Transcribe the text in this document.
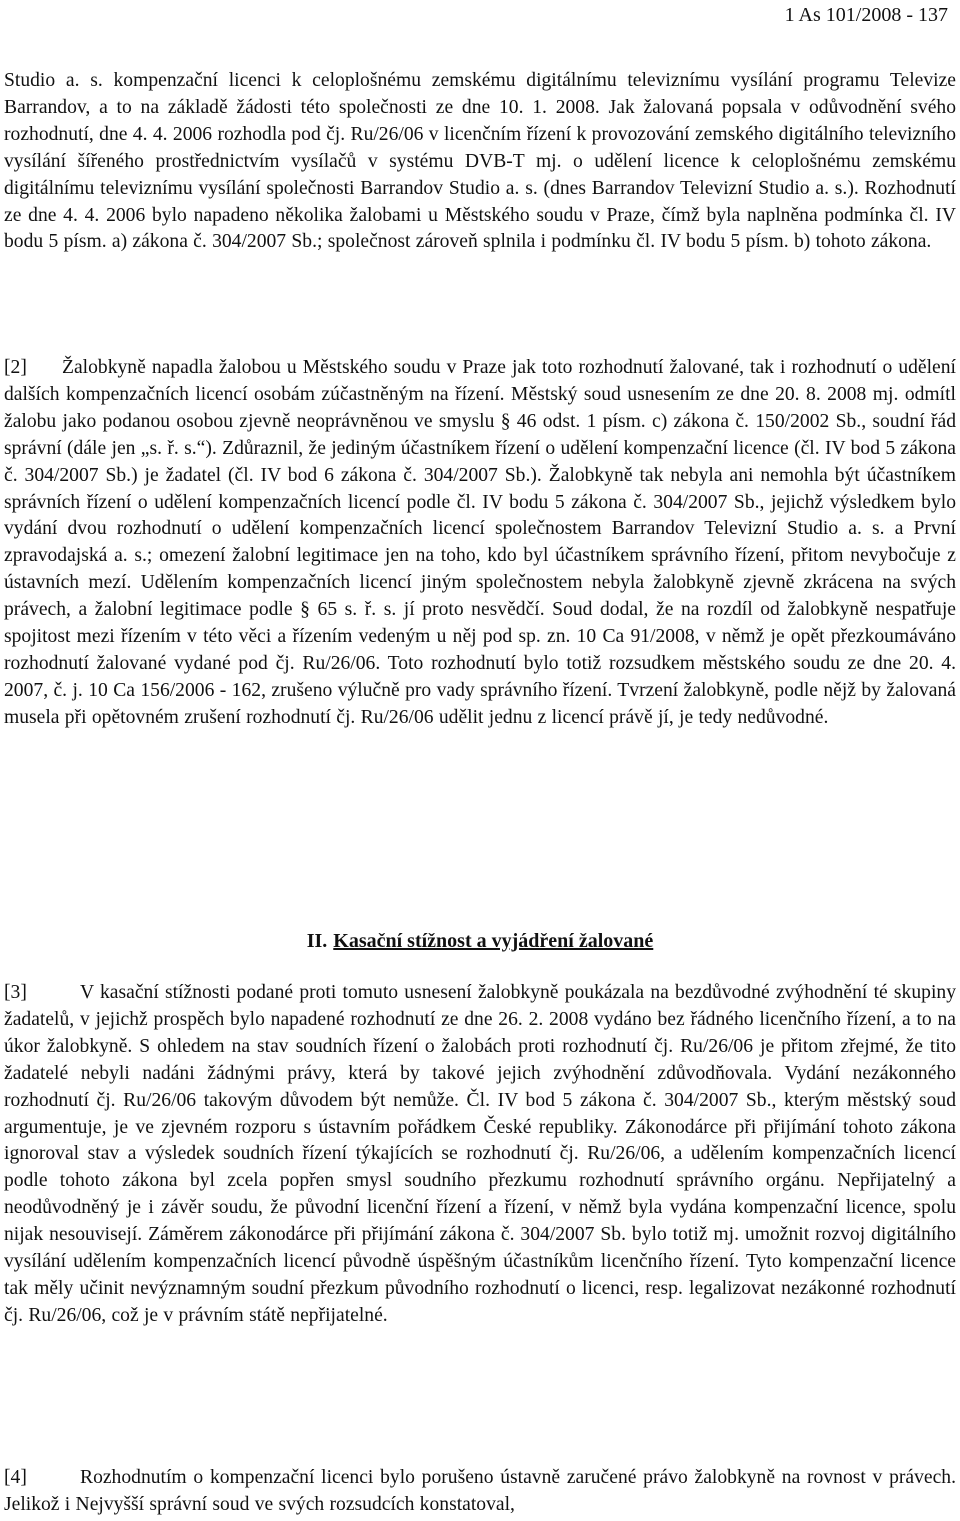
1 As 101/2008 - 137

Studio a. s. kompenzační licenci k celoplošnému zemskému digitálnímu televiznímu vysílání programu Televize Barrandov, a to na základě žádosti této společnosti ze dne 10. 1. 2008. Jak žalovaná popsala v odůvodnění svého rozhodnutí, dne 4. 4. 2006 rozhodla pod čj. Ru/26/06 v licenčním řízení k provozování zemského digitálního televizního vysílání šířeného prostřednictvím vysílačů v systému DVB-T mj. o udělení licence k celoplošnému zemskému digitálnímu televiznímu vysílání společnosti Barrandov Studio a. s. (dnes Barrandov Televizní Studio a. s.). Rozhodnutí ze dne 4. 4. 2006 bylo napadeno několika žalobami u Městského soudu v Praze, čímž byla naplněna podmínka čl. IV bodu 5 písm. a) zákona č. 304/2007 Sb.; společnost zároveň splnila i podmínku čl. IV bodu 5 písm. b) tohoto zákona.

[2] Žalobkyně napadla žalobou u Městského soudu v Praze jak toto rozhodnutí žalované, tak i rozhodnutí o udělení dalších kompenzačních licencí osobám zúčastněným na řízení. Městský soud usnesením ze dne 20. 8. 2008 mj. odmítl žalobu jako podanou osobou zjevně neoprávněnou ve smyslu § 46 odst. 1 písm. c) zákona č. 150/2002 Sb., soudní řád správní (dále jen „s. ř. s.“). Zdůraznil, že jediným účastníkem řízení o udělení kompenzační licence (čl. IV bod 5 zákona č. 304/2007 Sb.) je žadatel (čl. IV bod 6 zákona č. 304/2007 Sb.). Žalobkyně tak nebyla ani nemohla být účastníkem správních řízení o udělení kompenzačních licencí podle čl. IV bodu 5 zákona č. 304/2007 Sb., jejichž výsledkem bylo vydání dvou rozhodnutí o udělení kompenzačních licencí společnostem Barrandov Televizní Studio a. s. a První zpravodajská a. s.; omezení žalobní legitimace jen na toho, kdo byl účastníkem správního řízení, přitom nevybočuje z ústavních mezí. Udělením kompenzačních licencí jiným společnostem nebyla žalobkyně zjevně zkrácena na svých právech, a žalobní legitimace podle § 65 s. ř. s. jí proto nesvědčí. Soud dodal, že na rozdíl od žalobkyně nespatřuje spojitost mezi řízením v této věci a řízením vedeným u něj pod sp. zn. 10 Ca 91/2008, v němž je opět přezkoumáváno rozhodnutí žalované vydané pod čj. Ru/26/06. Toto rozhodnutí bylo totiž rozsudkem městského soudu ze dne 20. 4. 2007, č. j. 10 Ca 156/2006 - 162, zrušeno výlučně pro vady správního řízení. Tvrzení žalobkyně, podle nějž by žalovaná musela při opětovném zrušení rozhodnutí čj. Ru/26/06 udělit jednu z licencí právě jí, je tedy nedůvodné.

II. Kasační stížnost a vyjádření žalované

[3]	V kasační stížnosti podané proti tomuto usnesení žalobkyně poukázala na bezdůvodné zvýhodnění té skupiny žadatelů, v jejichž prospěch bylo napadené rozhodnutí ze dne 26. 2. 2008 vydáno bez řádného licenčního řízení, a to na úkor žalobkyně. S ohledem na stav soudních řízení o žalobách proti rozhodnutí čj. Ru/26/06 je přitom zřejmé, že tito žadatelé nebyli nadáni žádnými právy, která by takové jejich zvýhodnění zdůvodňovala. Vydání nezákonného rozhodnutí čj. Ru/26/06 takovým důvodem být nemůže. Čl. IV bod 5 zákona č. 304/2007 Sb., kterým městský soud argumentuje, je ve zjevném rozporu s ústavním pořádkem České republiky. Zákonodárce při přijímání tohoto zákona ignoroval stav a výsledek soudních řízení týkajících se rozhodnutí čj. Ru/26/06, a udělením kompenzačních licencí podle tohoto zákona byl zcela popřen smysl soudního přezkumu rozhodnutí správního orgánu. Nepřijatelný a neodůvodněný je i závěr soudu, že původní licenční řízení a řízení, v němž byla vydána kompenzační licence, spolu nijak nesouvisejí. Záměrem zákonodárce při přijímání zákona č. 304/2007 Sb. bylo totiž mj. umožnit rozvoj digitálního vysílání udělením kompenzačních licencí původně úspěšným účastníkům licenčního řízení. Tyto kompenzační licence tak měly učinit nevýznamným soudní přezkum původního rozhodnutí o licenci, resp. legalizovat nezákonné rozhodnutí čj. Ru/26/06, což je v právním státě nepřijatelné.

[4]	Rozhodnutím o kompenzační licenci bylo porušeno ústavně zaručené právo žalobkyně na rovnost v právech. Jelikož i Nejvyšší správní soud ve svých rozsudcích konstatoval,
